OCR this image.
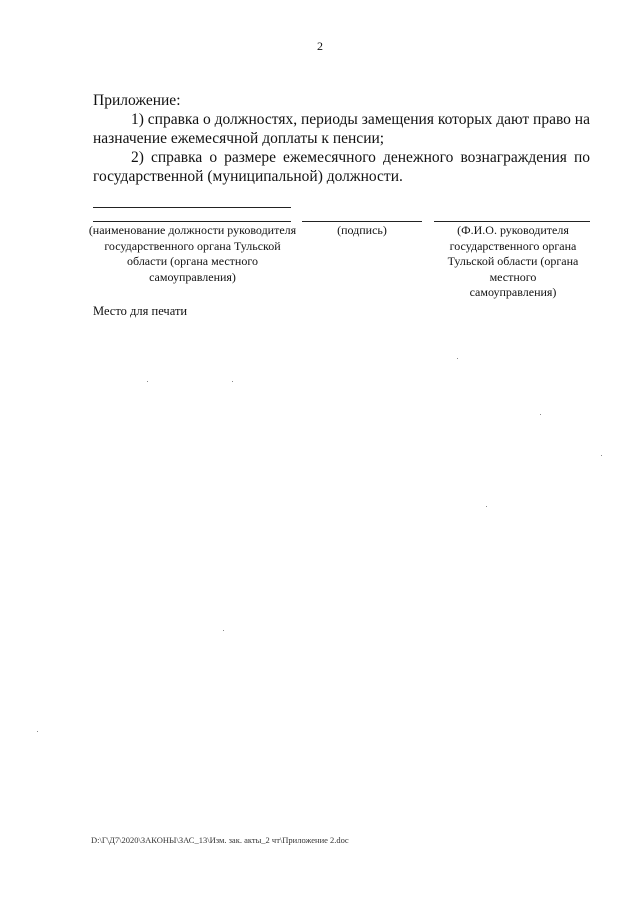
2

Приложение:

1) справка о должностях, периоды замещения которых дают право на назначение ежемесячной доплаты к пенсии;

2) справка о размере ежемесячного денежного вознаграждения по государственной (муниципальной) должности.

(наименование должности руководителя государственного органа Тульской области (органа местного самоуправления)
(подпись)	(Ф.И.О. руководителя государственного органа Тульской области (органа местного самоуправления)
Место для печати
D:\Г\Д7\2020\ЗАКОНЫ\ЗАС_13\Изм. зак. акты_2 чт\Приложение 2.doc
